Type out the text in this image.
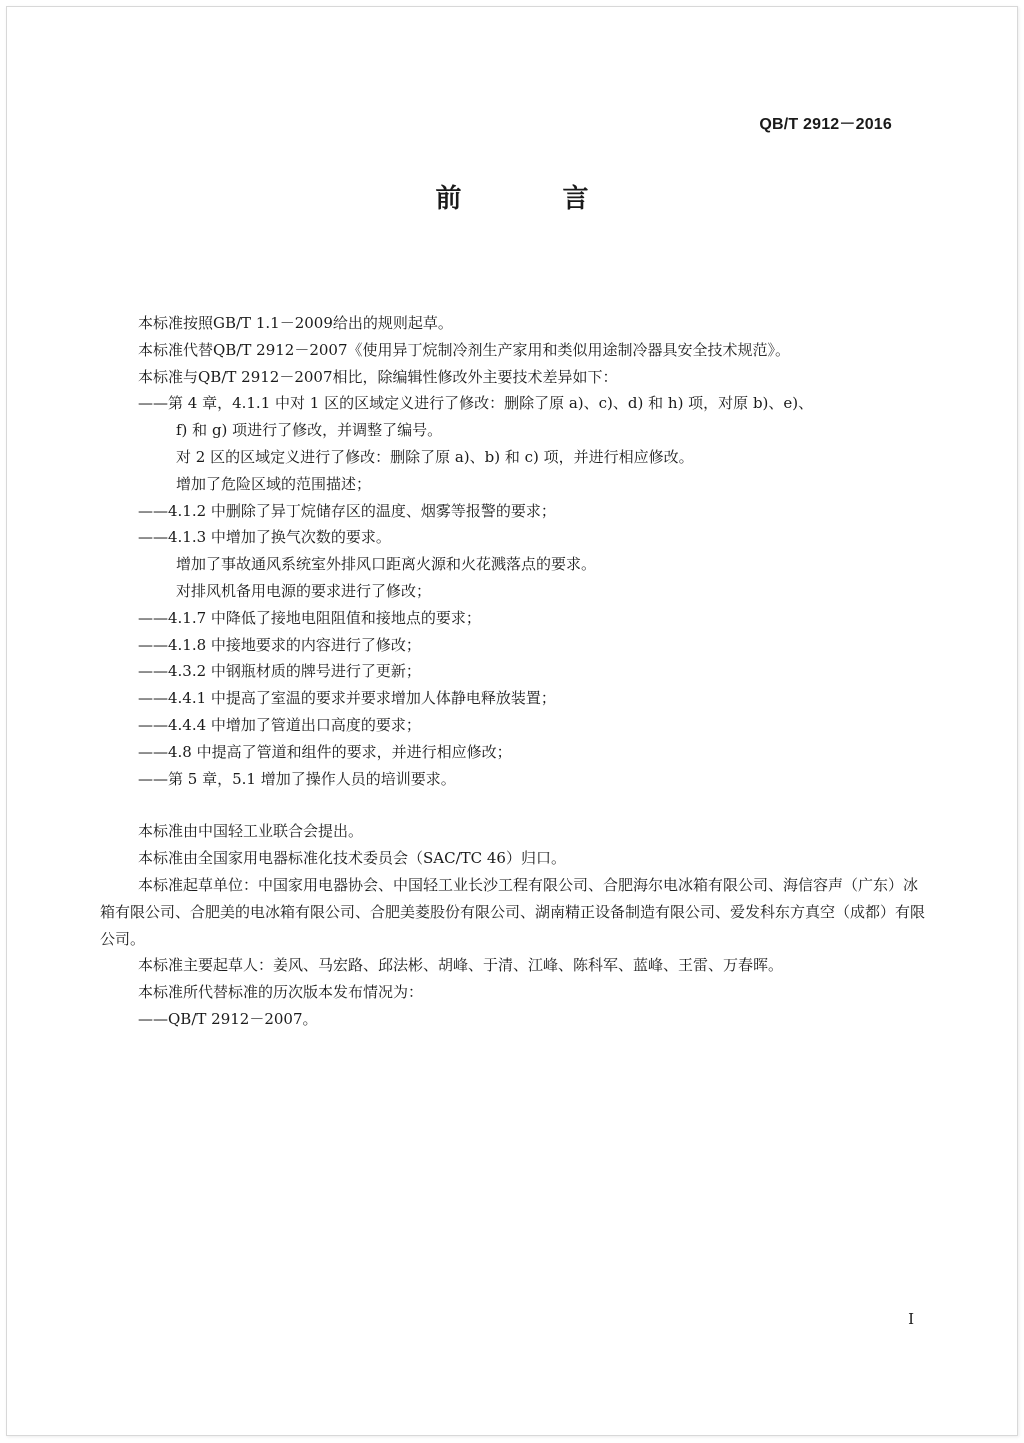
QB/T 2912－2016
前 言
本标准按照GB/T 1.1－2009给出的规则起草。
本标准代替QB/T 2912－2007《使用异丁烷制冷剂生产家用和类似用途制冷器具安全技术规范》。
本标准与QB/T 2912－2007相比，除编辑性修改外主要技术差异如下：
——第 4 章，4.1.1 中对 1 区的区域定义进行了修改：删除了原 a)、c)、d) 和 h) 项，对原 b)、e)、
f) 和 g) 项进行了修改，并调整了编号。
对 2 区的区域定义进行了修改：删除了原 a)、b) 和 c) 项，并进行相应修改。
增加了危险区域的范围描述；
——4.1.2 中删除了异丁烷储存区的温度、烟雾等报警的要求；
——4.1.3 中增加了换气次数的要求。
增加了事故通风系统室外排风口距离火源和火花溅落点的要求。
对排风机备用电源的要求进行了修改；
——4.1.7 中降低了接地电阻阻值和接地点的要求；
——4.1.8 中接地要求的内容进行了修改；
——4.3.2 中钢瓶材质的牌号进行了更新；
——4.4.1 中提高了室温的要求并要求增加人体静电释放装置；
——4.4.4 中增加了管道出口高度的要求；
——4.8 中提高了管道和组件的要求，并进行相应修改；
——第 5 章，5.1 增加了操作人员的培训要求。
本标准由中国轻工业联合会提出。
本标准由全国家用电器标准化技术委员会（SAC/TC 46）归口。
本标准起草单位：中国家用电器协会、中国轻工业长沙工程有限公司、合肥海尔电冰箱有限公司、海信容声（广东）冰箱有限公司、合肥美的电冰箱有限公司、合肥美菱股份有限公司、湖南精正设备制造有限公司、爱发科东方真空（成都）有限公司。
本标准主要起草人：姜风、马宏路、邱法彬、胡峰、于清、江峰、陈科军、蓝峰、王雷、万春晖。
本标准所代替标准的历次版本发布情况为：
——QB/T 2912－2007。
I
